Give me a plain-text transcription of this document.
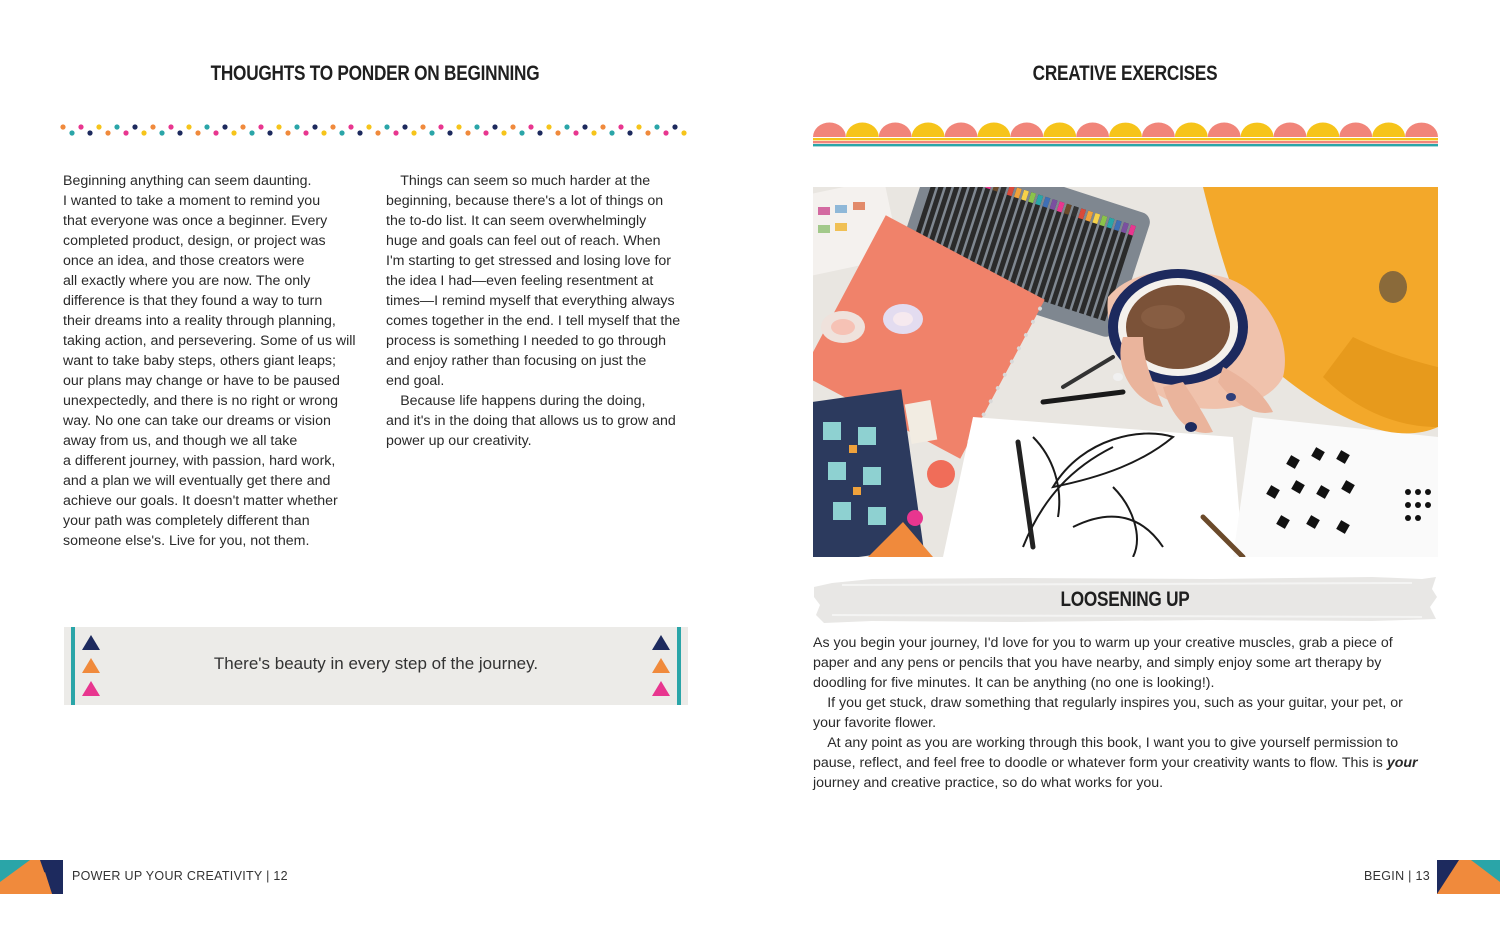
THOUGHTS TO PONDER ON BEGINNING
Beginning anything can seem daunting.
I wanted to take a moment to remind you
that everyone was once a beginner. Every
completed product, design, or project was
once an idea, and those creators were
all exactly where you are now. The only
difference is that they found a way to turn
their dreams into a reality through planning,
taking action, and persevering. Some of us will
want to take baby steps, others giant leaps;
our plans may change or have to be paused
unexpectedly, and there is no right or wrong
way. No one can take our dreams or vision
away from us, and though we all take
a different journey, with passion, hard work,
and a plan we will eventually get there and
achieve our goals. It doesn't matter whether
your path was completely different than
someone else's. Live for you, not them.
 Things can seem so much harder at the
beginning, because there's a lot of things on
the to-do list. It can seem overwhelmingly
huge and goals can feel out of reach. When
I'm starting to get stressed and losing love for
the idea I had—even feeling resentment at
times—I remind myself that everything always
comes together in the end. I tell myself that the
process is something I needed to go through
and enjoy rather than focusing on just the
end goal.
 Because life happens during the doing,
and it's in the doing that allows us to grow and
power up our creativity.
There's beauty in every step of the journey.
POWER UP YOUR CREATIVITY | 12
CREATIVE EXERCISES
LOOSENING UP
As you begin your journey, I'd love for you to warm up your creative muscles, grab a piece of
paper and any pens or pencils that you have nearby, and simply enjoy some art therapy by
doodling for five minutes. It can be anything (no one is looking!).
 If you get stuck, draw something that regularly inspires you, such as your guitar, your pet, or
your favorite flower.
 At any point as you are working through this book, I want you to give yourself permission to
pause, reflect, and feel free to doodle or whatever form your creativity wants to flow. This is your
journey and creative practice, so do what works for you.
BEGIN | 13
